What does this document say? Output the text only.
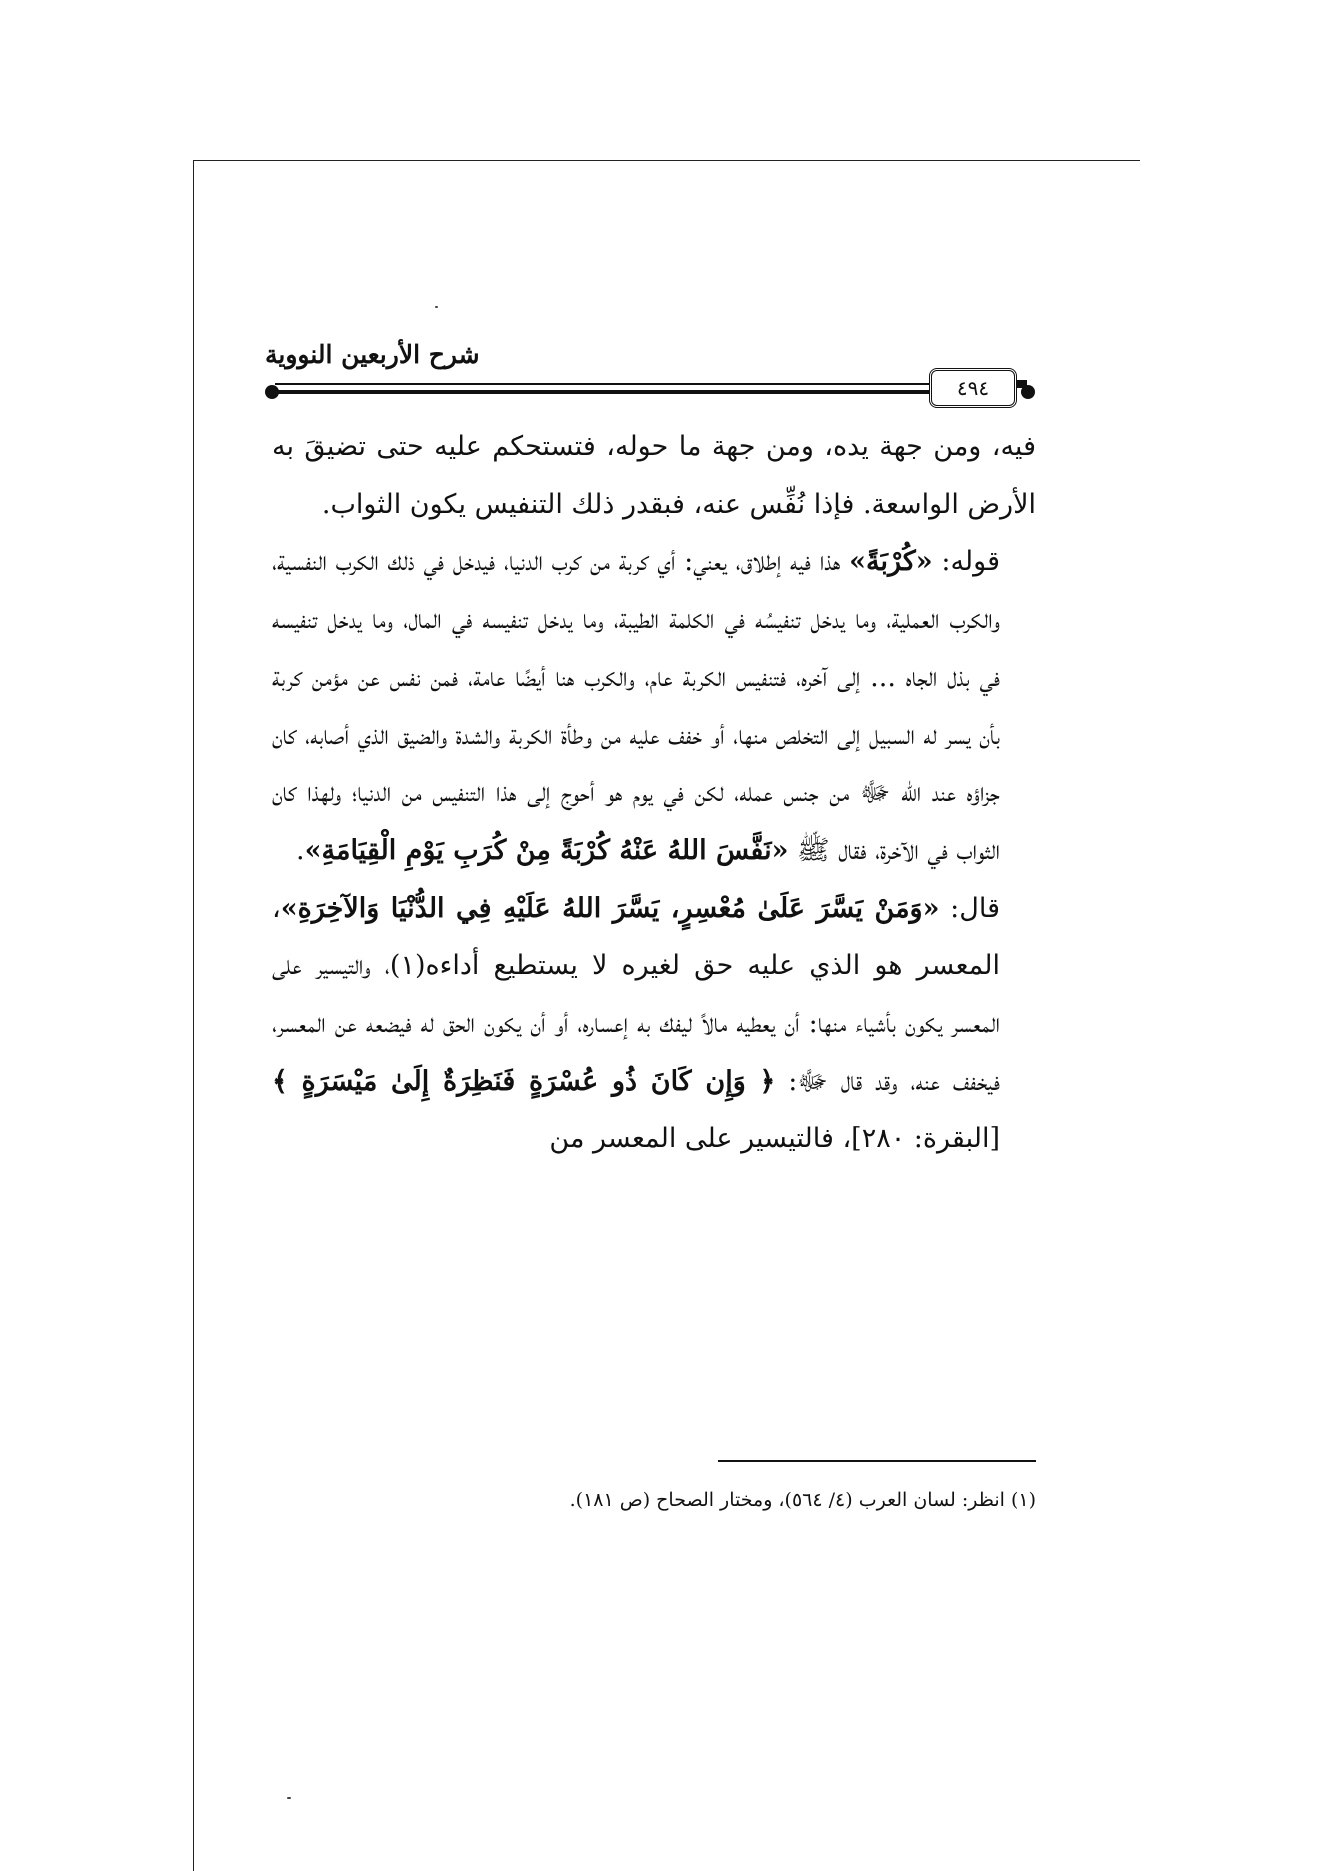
شرح الأربعين النووية
٤٩٤

فيه، ومن جهة يده، ومن جهة ما حوله، فتستحكم عليه حتى تضيقَ به الأرض الواسعة. فإذا نُفِّس عنه، فبقدر ذلك التنفيس يكون الثواب.

قوله: «كُرْبَةً» هذا فيه إطلاق، يعني: أي كربة من كرب الدنيا، فيدخل في ذلك الكرب النفسية، والكرب العملية، وما يدخل تنفيسُه في الكلمة الطيبة، وما يدخل تنفيسه في المال، وما يدخل تنفيسه في بذل الجاه ... إلى آخره، فتنفيس الكربة عام، والكرب هنا أيضًا عامة، فمن نفس عن مؤمن كربة بأن يسر له السبيل إلى التخلص منها، أو خفف عليه من وطأة الكربة والشدة والضيق الذي أصابه، كان جزاؤه عند الله ﷻ من جنس عمله، لكن في يوم هو أحوج إلى هذا التنفيس من الدنيا؛ ولهذا كان الثواب في الآخرة، فقال ﷺ «نَفَّسَ اللهُ عَنْهُ كُرْبَةً مِنْ كُرَبِ يَوْمِ الْقِيَامَةِ».

قال: «وَمَنْ يَسَّرَ عَلَىٰ مُعْسِرٍ، يَسَّرَ اللهُ عَلَيْهِ فِي الدُّنْيَا وَالآخِرَةِ»، المعسر هو الذي عليه حق لغيره لا يستطيع أداءه(١)، والتيسير على المعسر يكون بأشياء منها: أن يعطيه مالاً ليفك به إعساره، أو أن يكون الحق له فيضعه عن المعسر، فيخفف عنه، وقد قال ﷻ: ﴿ وَإِن كَانَ ذُو عُسْرَةٍ فَنَظِرَةٌ إِلَىٰ مَيْسَرَةٍ ﴾[البقرة: ٢٨٠]، فالتيسير على المعسر من

(١) انظر: لسان العرب (٤/ ٥٦٤)، ومختار الصحاح (ص ١٨١).
